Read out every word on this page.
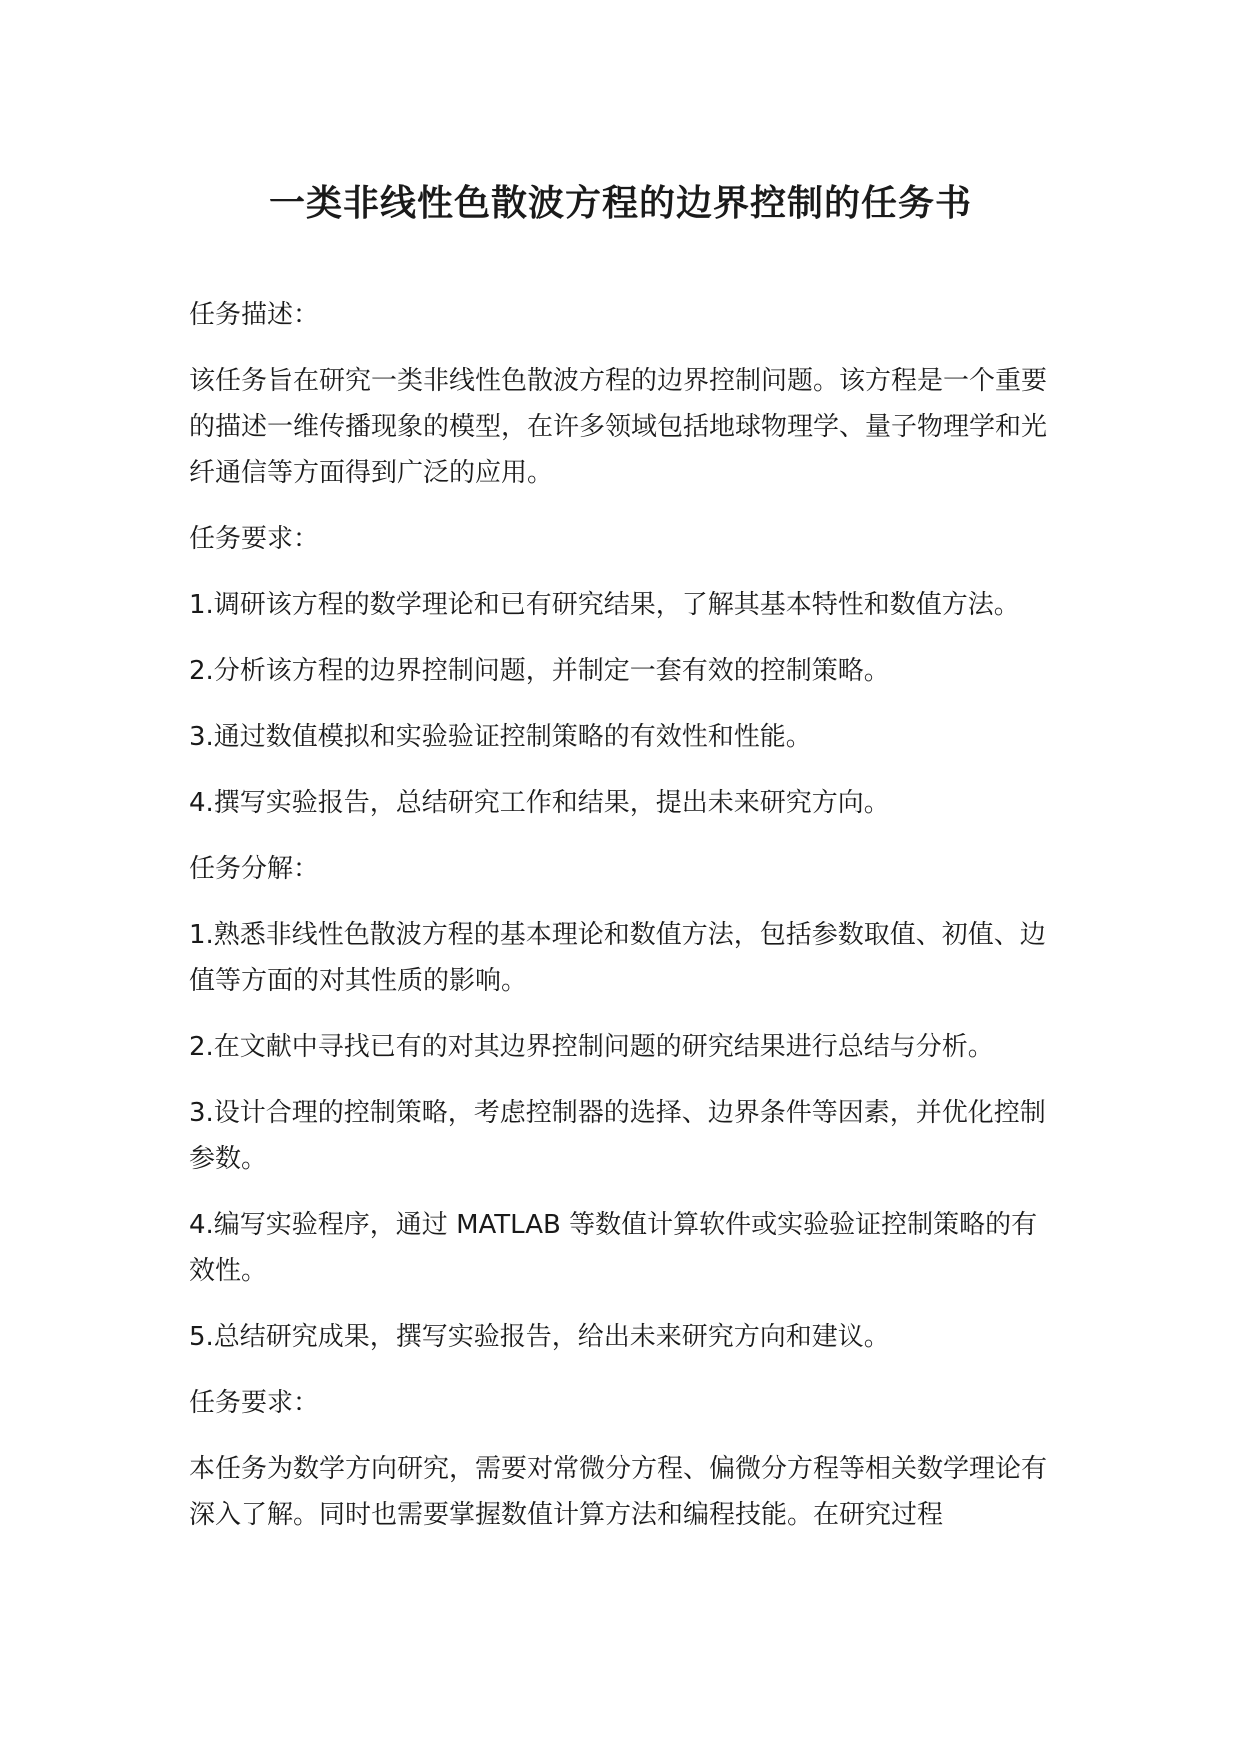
一类非线性色散波方程的边界控制的任务书

任务描述：

该任务旨在研究一类非线性色散波方程的边界控制问题。该方程是一个重要的描述一维传播现象的模型，在许多领域包括地球物理学、量子物理学和光纤通信等方面得到广泛的应用。

任务要求：

1.调研该方程的数学理论和已有研究结果，了解其基本特性和数值方法。

2.分析该方程的边界控制问题，并制定一套有效的控制策略。

3.通过数值模拟和实验验证控制策略的有效性和性能。

4.撰写实验报告，总结研究工作和结果，提出未来研究方向。

任务分解：

1.熟悉非线性色散波方程的基本理论和数值方法，包括参数取值、初值、边值等方面的对其性质的影响。

2.在文献中寻找已有的对其边界控制问题的研究结果进行总结与分析。

3.设计合理的控制策略，考虑控制器的选择、边界条件等因素，并优化控制参数。

4.编写实验程序，通过 MATLAB 等数值计算软件或实验验证控制策略的有效性。

5.总结研究成果，撰写实验报告，给出未来研究方向和建议。

任务要求：

本任务为数学方向研究，需要对常微分方程、偏微分方程等相关数学理论有深入了解。同时也需要掌握数值计算方法和编程技能。在研究过程
